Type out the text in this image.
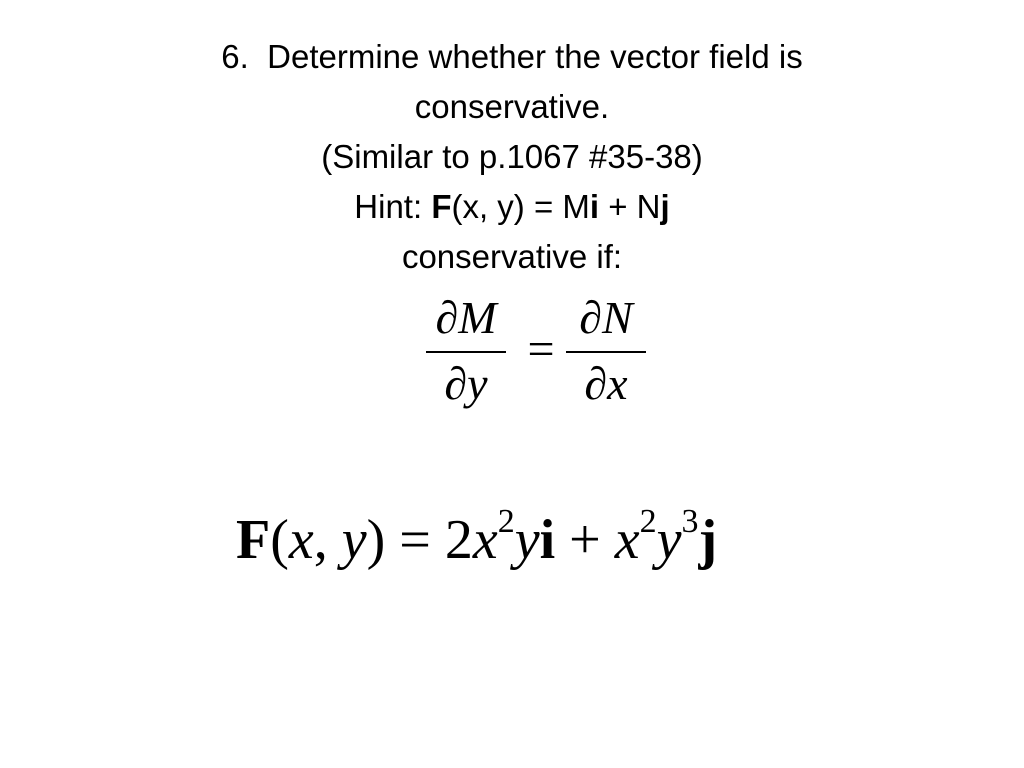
6. Determine whether the vector field is
conservative.
(Similar to p.1067 #35-38)
Hint: F(x, y) = Mi + Nj
conservative if:
∂M
∂y
=
∂N
∂x
F(x, $y) = 2x^2yi + x^2y^3j$
